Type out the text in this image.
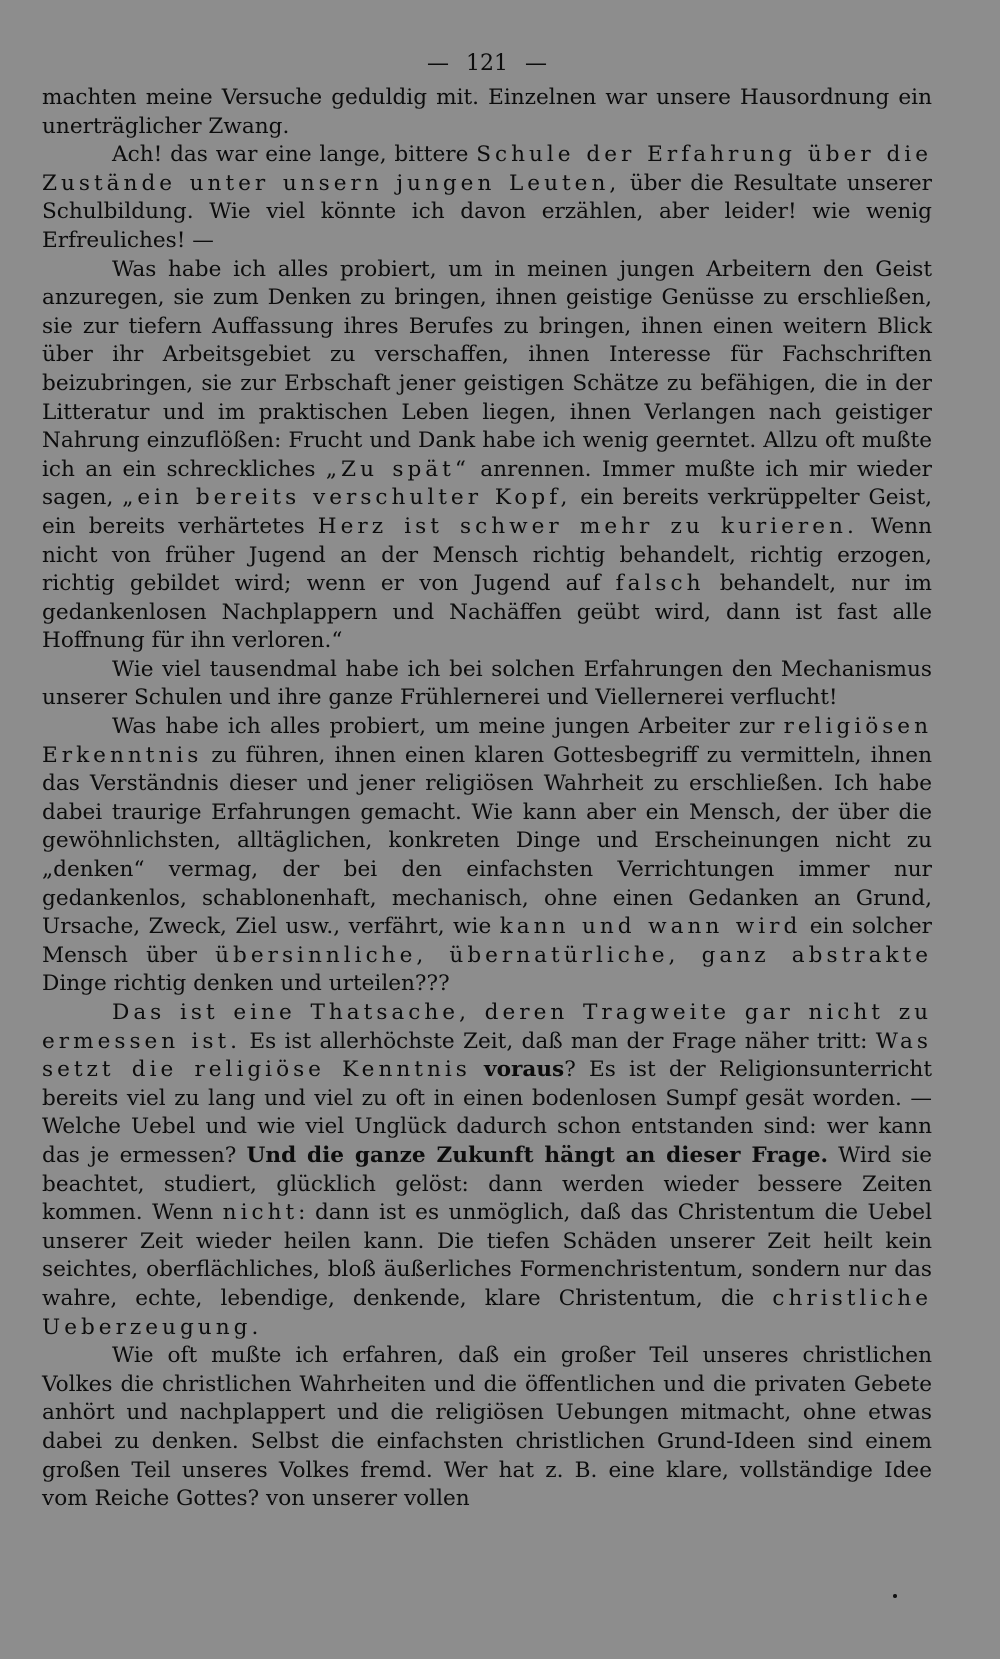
— 121 —

machten meine Versuche geduldig mit. Einzelnen war unsere Hausordnung ein unerträglicher Zwang.

Ach! das war eine lange, bittere Schule der Erfahrung über die Zustände unter unsern jungen Leuten, über die Resultate unserer Schulbildung. Wie viel könnte ich davon erzählen, aber leider! wie wenig Erfreuliches! —

Was habe ich alles probiert, um in meinen jungen Arbeitern den Geist anzuregen, sie zum Denken zu bringen, ihnen geistige Genüsse zu erschließen, sie zur tiefern Auffassung ihres Berufes zu bringen, ihnen einen weitern Blick über ihr Arbeitsgebiet zu verschaffen, ihnen Interesse für Fachschriften beizubringen, sie zur Erbschaft jener geistigen Schätze zu befähigen, die in der Litteratur und im praktischen Leben liegen, ihnen Verlangen nach geistiger Nahrung einzuflößen: Frucht und Dank habe ich wenig geerntet. Allzu oft mußte ich an ein schreckliches „Zu spät“ anrennen. Immer mußte ich mir wieder sagen, „ein bereits verschulter Kopf, ein bereits verkrüppelter Geist, ein bereits verhärtetes Herz ist schwer mehr zu kurieren. Wenn nicht von früher Jugend an der Mensch richtig behandelt, richtig erzogen, richtig gebildet wird; wenn er von Jugend auf falsch behandelt, nur im gedankenlosen Nachplappern und Nachäffen geübt wird, dann ist fast alle Hoffnung für ihn verloren.“

Wie viel tausendmal habe ich bei solchen Erfahrungen den Mechanismus unserer Schulen und ihre ganze Frühlernerei und Viellernerei verflucht!

Was habe ich alles probiert, um meine jungen Arbeiter zur religiösen Erkenntnis zu führen, ihnen einen klaren Gottesbegriff zu vermitteln, ihnen das Verständnis dieser und jener religiösen Wahrheit zu erschließen. Ich habe dabei traurige Erfahrungen gemacht. Wie kann aber ein Mensch, der über die gewöhnlichsten, alltäglichen, konkreten Dinge und Erscheinungen nicht zu „denken“ vermag, der bei den einfachsten Verrichtungen immer nur gedankenlos, schablonenhaft, mechanisch, ohne einen Gedanken an Grund, Ursache, Zweck, Ziel usw., verfährt, wie kann und wann wird ein solcher Mensch über übersinnliche, übernatürliche, ganz abstrakte Dinge richtig denken und urteilen???

Das ist eine Thatsache, deren Tragweite gar nicht zu ermessen ist. Es ist allerhöchste Zeit, daß man der Frage näher tritt: Was setzt die religiöse Kenntnis voraus? Es ist der Religionsunterricht bereits viel zu lang und viel zu oft in einen bodenlosen Sumpf gesät worden. — Welche Uebel und wie viel Unglück dadurch schon entstanden sind: wer kann das je ermessen? Und die ganze Zukunft hängt an dieser Frage. Wird sie beachtet, studiert, glücklich gelöst: dann werden wieder bessere Zeiten kommen. Wenn nicht: dann ist es unmöglich, daß das Christentum die Uebel unserer Zeit wieder heilen kann. Die tiefen Schäden unserer Zeit heilt kein seichtes, oberflächliches, bloß äußerliches Formenchristentum, sondern nur das wahre, echte, lebendige, denkende, klare Christentum, die christliche Ueberzeugung.

Wie oft mußte ich erfahren, daß ein großer Teil unseres christlichen Volkes die christlichen Wahrheiten und die öffentlichen und die privaten Gebete anhört und nachplappert und die religiösen Uebungen mitmacht, ohne etwas dabei zu denken. Selbst die einfachsten christlichen Grund-Ideen sind einem großen Teil unseres Volkes fremd. Wer hat z. B. eine klare, vollständige Idee vom Reiche Gottes? von unserer vollen
